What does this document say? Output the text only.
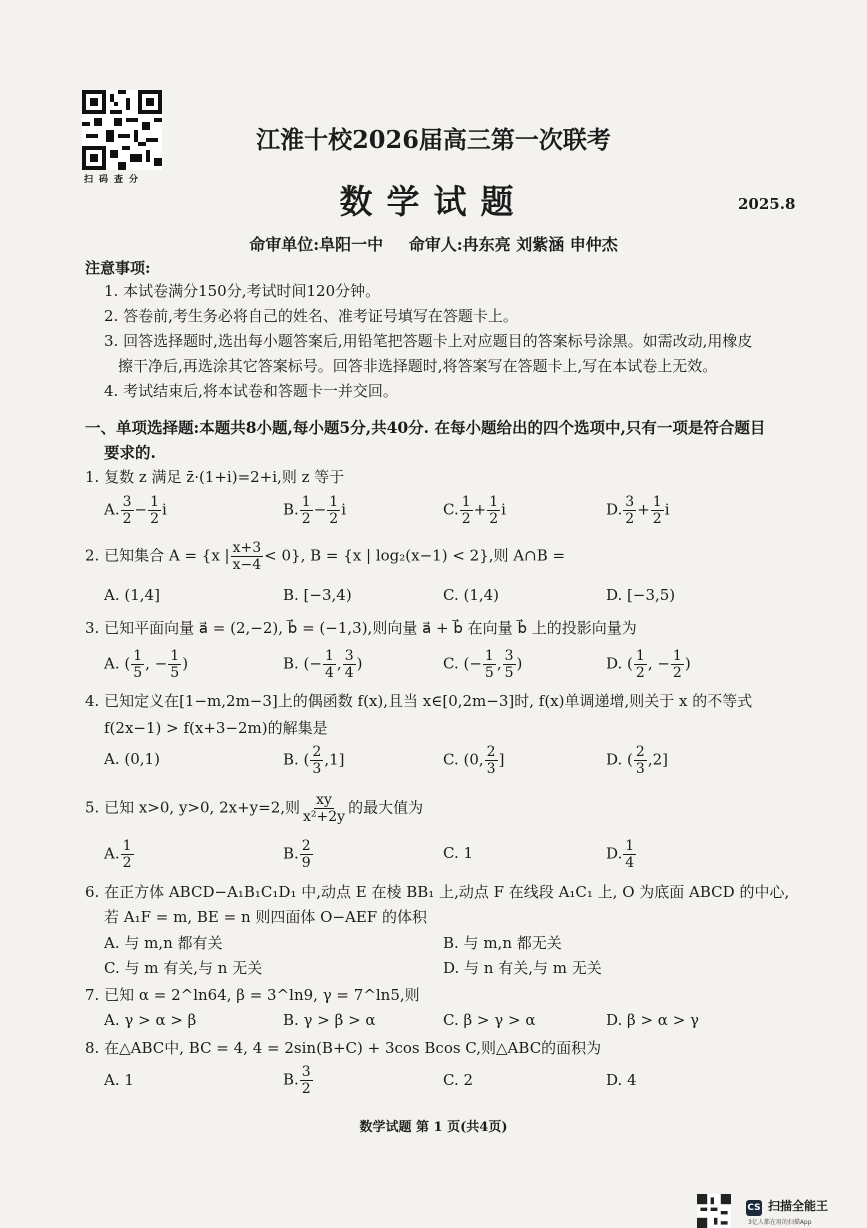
扫码查分
江淮十校2026届高三第一次联考
数学试题	2025.8
命审单位:阜阳一中 命审人:冉东亮 刘紫涵 申仲杰
注意事项:
1. 本试卷满分150分,考试时间120分钟。
2. 答卷前,考生务必将自己的姓名、准考证号填写在答题卡上。
3. 回答选择题时,选出每小题答案后,用铅笔把答题卡上对应题目的答案标号涂黑。如需改动,用橡皮
擦干净后,再选涂其它答案标号。回答非选择题时,将答案写在答题卡上,写在本试卷上无效。
4. 考试结束后,将本试卷和答题卡一并交回。
一、单项选择题:本题共8小题,每小题5分,共40分. 在每小题给出的四个选项中,只有一项是符合题目
要求的.
1. 复数 z 满足 z̄·(1+i)=2+i,则 z 等于
A. $\frac{3}{2} - \frac{1}{2}$ i	B. $\frac{1}{2} - \frac{1}{2}$ i	C. $\frac{1}{2} + \frac{1}{2}$ i	D. $\frac{3}{2} + \frac{1}{2}$ i
2. 已知集合 A = {x | $\frac{x+3}{x-4} < 0$}, B = {x | log₂(x−1) < 2},则 A∩B =
A. (1,4]	B. [−3,4)	C. (1,4)	D. [−3,5)
3. 已知平面向量 a⃗ = (2,−2), b⃗ = (−1,3),则向量 a⃗ + b⃗ 在向量 b⃗ 上的投影向量为
A. ( $\frac{1}{5}$ , − $\frac{1}{5}$ )	B. (− $\frac{1}{4}$ , $\frac{3}{4}$ )	C. (− $\frac{1}{5}$ , $\frac{3}{5}$ )	D. ( $\frac{1}{2}$ , − $\frac{1}{2}$ )
4. 已知定义在[1−m,2m−3]上的偶函数 f(x),且当 x∈[0,2m−3]时, f(x)单调递增,则关于 x 的不等式
f(2x−1) > f(x+3−2m)的解集是
A. (0,1)	B. ( $\frac{2}{3} ,1$]	C. (0, $\frac{2}{3}$ ]	D. ( $\frac{2}{3} ,2$]
5. 已知 x>0, y>0, 2x+y=2,则 $\frac{xy}{\text{x²+2y}}$ 的最大值为
A. $\frac{1}{2}$	B. $\frac{2}{9}$	C. 1	D. $\frac{1}{4}$
6. 在正方体 ABCD−A₁B₁C₁D₁ 中,动点 E 在棱 BB₁ 上,动点 F 在线段 A₁C₁ 上, O 为底面 ABCD 的中心,
若 A₁F = m, BE = n 则四面体 O−AEF 的体积
A. 与 m,n 都有关	B. 与 m,n 都无关
C. 与 m 有关,与 n 无关	D. 与 n 有关,与 m 无关
7. 已知 α = 2^ln64, β = 3^ln9, γ = 7^ln5,则
A. γ > α > β	B. γ > β > α	C. β > γ > α	D. β > α > γ
8. 在△ABC中, BC = 4, 4 = 2sin(B+C) + 3cos Bcos C,则△ABC的面积为
A. 1	B. $\frac{3}{2}$	C. 2	D. 4
数学试题 第 1 页(共4页)
CS 扫描全能王
3亿人都在用的扫描App
